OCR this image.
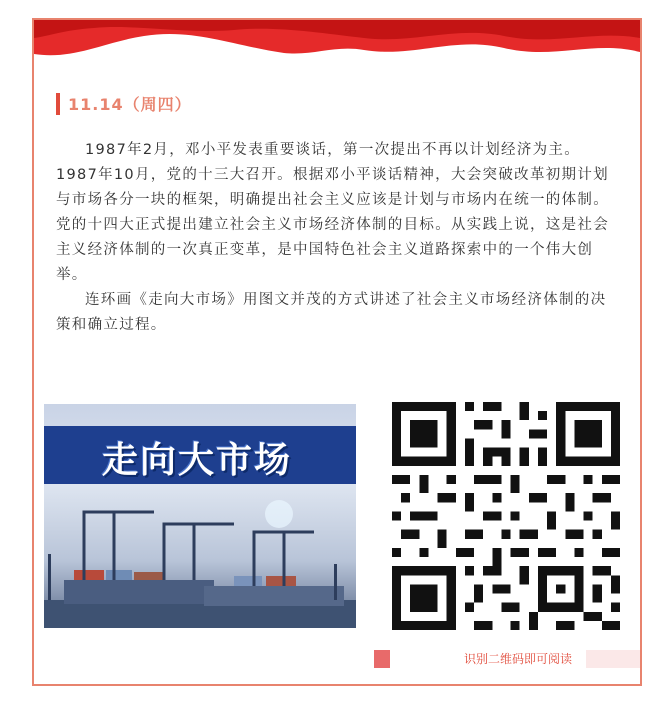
11.14（周四）

1987年2月，邓小平发表重要谈话，第一次提出不再以计划经济为主。1987年10月，党的十三大召开。根据邓小平谈话精神，大会突破改革初期计划与市场各分一块的框架，明确提出社会主义应该是计划与市场内在统一的体制。党的十四大正式提出建立社会主义市场经济体制的目标。从实践上说，这是社会主义经济体制的一次真正变革，是中国特色社会主义道路探索中的一个伟大创举。

连环画《走向大市场》用图文并茂的方式讲述了社会主义市场经济体制的决策和确立过程。

走向大市场
识别二维码即可阅读
